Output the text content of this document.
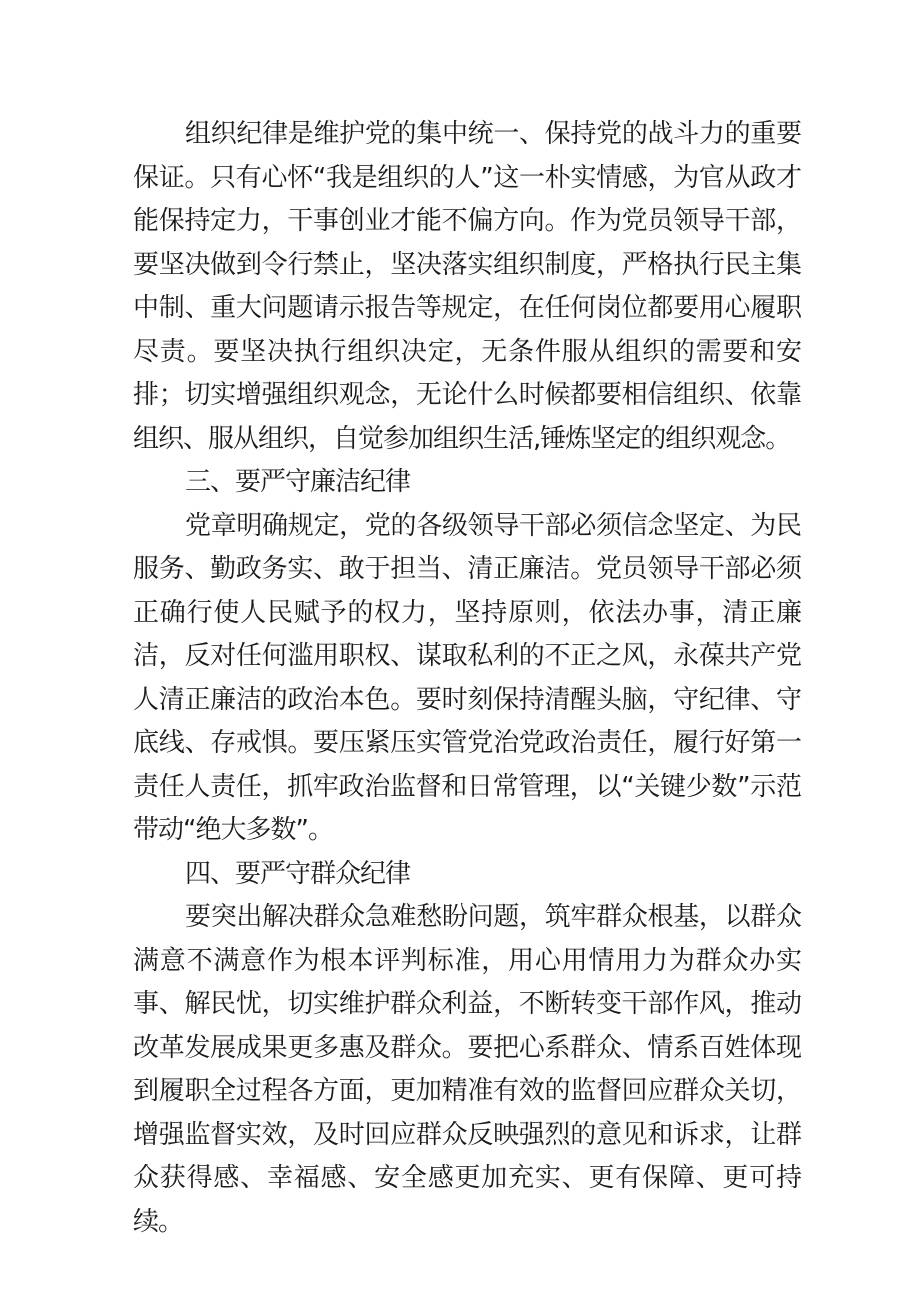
组织纪律是维护党的集中统一、保持党的战斗力的重要保证。只有心怀“我是组织的人”这一朴实情感，为官从政才能保持定力，干事创业才能不偏方向。作为党员领导干部，要坚决做到令行禁止，坚决落实组织制度，严格执行民主集中制、重大问题请示报告等规定，在任何岗位都要用心履职尽责。要坚决执行组织决定，无条件服从组织的需要和安排；切实增强组织观念，无论什么时候都要相信组织、依靠组织、服从组织，自觉参加组织生活,锤炼坚定的组织观念。

三、要严守廉洁纪律

党章明确规定，党的各级领导干部必须信念坚定、为民服务、勤政务实、敢于担当、清正廉洁。党员领导干部必须正确行使人民赋予的权力，坚持原则，依法办事，清正廉洁，反对任何滥用职权、谋取私利的不正之风，永葆共产党人清正廉洁的政治本色。要时刻保持清醒头脑，守纪律、守底线、存戒惧。要压紧压实管党治党政治责任，履行好第一责任人责任，抓牢政治监督和日常管理，以“关键少数”示范带动“绝大多数”。

四、要严守群众纪律

要突出解决群众急难愁盼问题，筑牢群众根基，以群众满意不满意作为根本评判标准，用心用情用力为群众办实事、解民忧，切实维护群众利益，不断转变干部作风，推动改革发展成果更多惠及群众。要把心系群众、情系百姓体现到履职全过程各方面，更加精准有效的监督回应群众关切，增强监督实效，及时回应群众反映强烈的意见和诉求，让群众获得感、幸福感、安全感更加充实、更有保障、更可持续。
